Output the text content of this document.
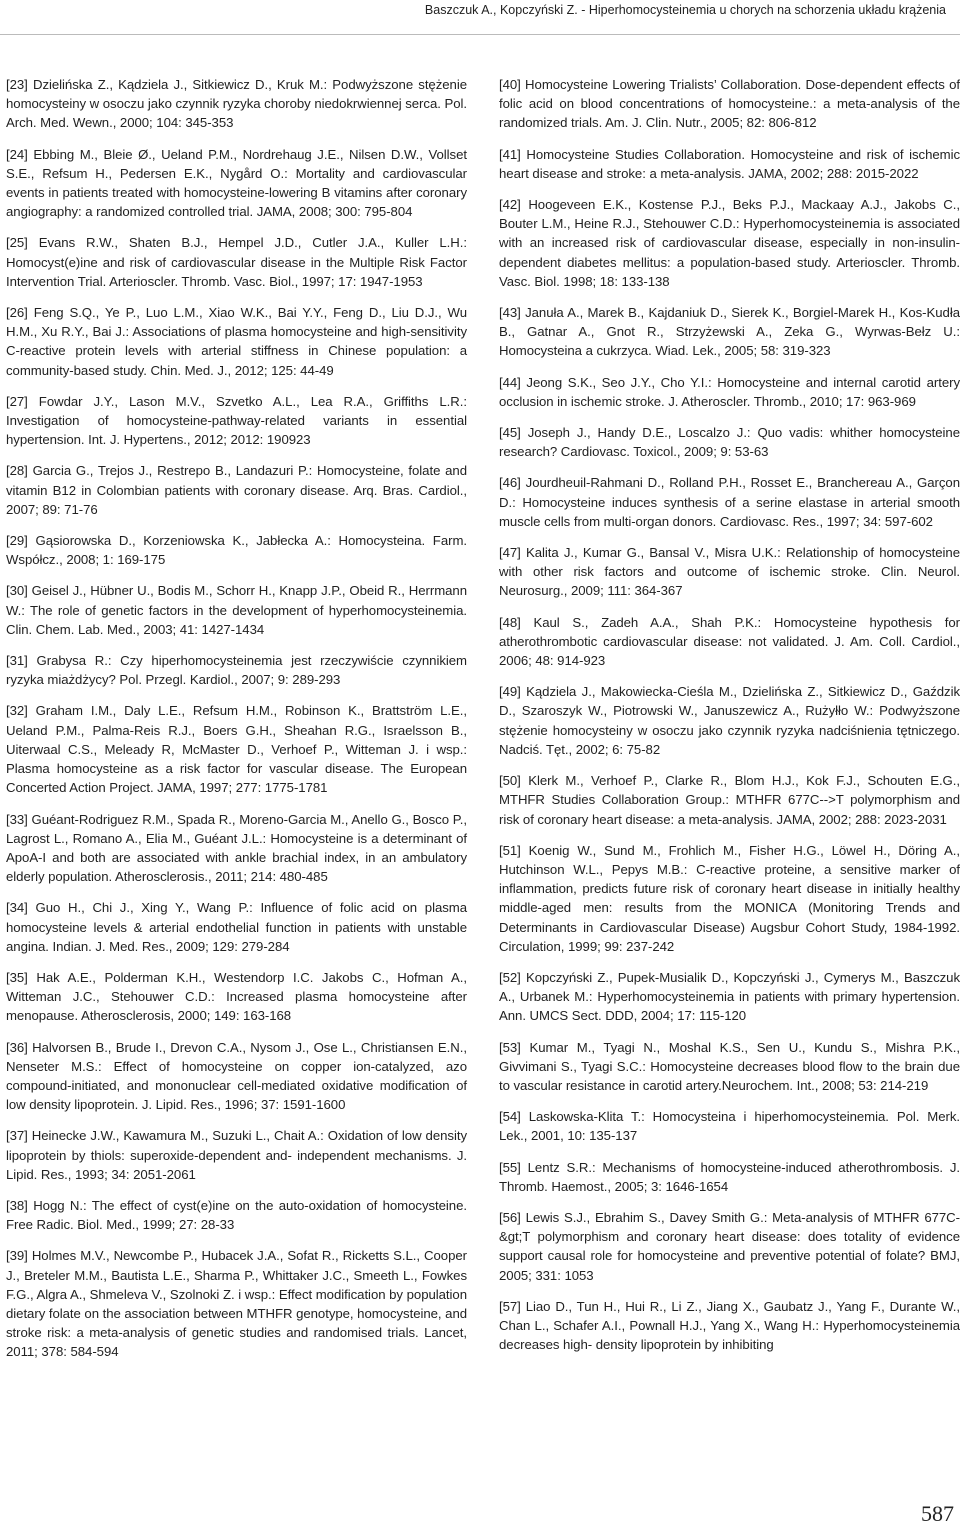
Baszczuk A., Kopczyński Z. - Hiperhomocysteinemia u chorych na schorzenia układu krążenia

[23] Dzielińska Z., Kądziela J., Sitkiewicz D., Kruk M.: Podwyższone stężenie homocysteiny w osoczu jako czynnik ryzyka choroby niedokrwiennej serca. Pol. Arch. Med. Wewn., 2000; 104: 345-353

[24] Ebbing M., Bleie Ø., Ueland P.M., Nordrehaug J.E., Nilsen D.W., Vollset S.E., Refsum H., Pedersen E.K., Nygård O.: Mortality and cardiovascular events in patients treated with homocysteine-lowering B vitamins after coronary angiography: a randomized controlled trial. JAMA, 2008; 300: 795-804

[25] Evans R.W., Shaten B.J., Hempel J.D., Cutler J.A., Kuller L.H.: Homocyst(e)ine and risk of cardiovascular disease in the Multiple Risk Factor Intervention Trial. Arterioscler. Thromb. Vasc. Biol., 1997; 17: 1947-1953

[26] Feng S.Q., Ye P., Luo L.M., Xiao W.K., Bai Y.Y., Feng D., Liu D.J., Wu H.M., Xu R.Y., Bai J.: Associations of plasma homocysteine and high-sensitivity C-reactive protein levels with arterial stiffness in Chinese population: a community-based study. Chin. Med. J., 2012; 125: 44-49

[27] Fowdar J.Y., Lason M.V., Szvetko A.L., Lea R.A., Griffiths L.R.: Investigation of homocysteine-pathway-related variants in essential hypertension. Int. J. Hypertens., 2012; 2012: 190923

[28] Garcia G., Trejos J., Restrepo B., Landazuri P.: Homocysteine, folate and vitamin B12 in Colombian patients with coronary disease. Arq. Bras. Cardiol., 2007; 89: 71-76

[29] Gąsiorowska D., Korzeniowska K., Jabłecka A.: Homocysteina. Farm. Współcz., 2008; 1: 169-175

[30] Geisel J., Hübner U., Bodis M., Schorr H., Knapp J.P., Obeid R., Herrmann W.: The role of genetic factors in the development of hyperhomocysteinemia. Clin. Chem. Lab. Med., 2003; 41: 1427-1434

[31] Grabysa R.: Czy hiperhomocysteinemia jest rzeczywiście czynnikiem ryzyka miażdżycy? Pol. Przegl. Kardiol., 2007; 9: 289-293

[32] Graham I.M., Daly L.E., Refsum H.M., Robinson K., Brattström L.E., Ueland P.M., Palma-Reis R.J., Boers G.H., Sheahan R.G., Israelsson B., Uiterwaal C.S., Meleady R, McMaster D., Verhoef P., Witteman J. i wsp.: Plasma homocysteine as a risk factor for vascular disease. The European Concerted Action Project. JAMA, 1997; 277: 1775-1781

[33] Guéant-Rodriguez R.M., Spada R., Moreno-Garcia M., Anello G., Bosco P., Lagrost L., Romano A., Elia M., Guéant J.L.: Homocysteine is a determinant of ApoA-I and both are associated with ankle brachial index, in an ambulatory elderly population. Atherosclerosis., 2011; 214: 480-485

[34] Guo H., Chi J., Xing Y., Wang P.: Influence of folic acid on plasma homocysteine levels & arterial endothelial function in patients with unstable angina. Indian. J. Med. Res., 2009; 129: 279-284

[35] Hak A.E., Polderman K.H., Westendorp I.C. Jakobs C., Hofman A., Witteman J.C., Stehouwer C.D.: Increased plasma homocysteine after menopause. Atherosclerosis, 2000; 149: 163-168

[36] Halvorsen B., Brude I., Drevon C.A., Nysom J., Ose L., Christiansen E.N., Nenseter M.S.: Effect of homocysteine on copper ion-catalyzed, azo compound-initiated, and mononuclear cell-mediated oxidative modification of low density lipoprotein. J. Lipid. Res., 1996; 37: 1591-1600

[37] Heinecke J.W., Kawamura M., Suzuki L., Chait A.: Oxidation of low density lipoprotein by thiols: superoxide-dependent and- independent mechanisms. J. Lipid. Res., 1993; 34: 2051-2061

[38] Hogg N.: The effect of cyst(e)ine on the auto-oxidation of homocysteine. Free Radic. Biol. Med., 1999; 27: 28-33

[39] Holmes M.V., Newcombe P., Hubacek J.A., Sofat R., Ricketts S.L., Cooper J., Breteler M.M., Bautista L.E., Sharma P., Whittaker J.C., Smeeth L., Fowkes F.G., Algra A., Shmeleva V., Szolnoki Z. i wsp.: Effect modification by population dietary folate on the association between MTHFR genotype, homocysteine, and stroke risk: a meta-analysis of genetic studies and randomised trials. Lancet, 2011; 378: 584-594

[40] Homocysteine Lowering Trialists’ Collaboration. Dose-dependent effects of folic acid on blood concentrations of homocysteine.: a meta-analysis of the randomized trials. Am. J. Clin. Nutr., 2005; 82: 806-812

[41] Homocysteine Studies Collaboration. Homocysteine and risk of ischemic heart disease and stroke: a meta-analysis. JAMA, 2002; 288: 2015-2022

[42] Hoogeveen E.K., Kostense P.J., Beks P.J., Mackaay A.J., Jakobs C., Bouter L.M., Heine R.J., Stehouwer C.D.: Hyperhomocysteinemia is associated with an increased risk of cardiovascular disease, especially in non-insulin-dependent diabetes mellitus: a population-based study. Arterioscler. Thromb. Vasc. Biol. 1998; 18: 133-138

[43] Januła A., Marek B., Kajdaniuk D., Sierek K., Borgiel-Marek H., Kos-Kudła B., Gatnar A., Gnot R., Strzyżewski A., Zeka G., Wyrwas-Bełz U.: Homocysteina a cukrzyca. Wiad. Lek., 2005; 58: 319-323

[44] Jeong S.K., Seo J.Y., Cho Y.I.: Homocysteine and internal carotid artery occlusion in ischemic stroke. J. Atheroscler. Thromb., 2010; 17: 963-969

[45] Joseph J., Handy D.E., Loscalzo J.: Quo vadis: whither homocysteine research? Cardiovasc. Toxicol., 2009; 9: 53-63

[46] Jourdheuil-Rahmani D., Rolland P.H., Rosset E., Branchereau A., Garçon D.: Homocysteine induces synthesis of a serine elastase in arterial smooth muscle cells from multi-organ donors. Cardiovasc. Res., 1997; 34: 597-602

[47] Kalita J., Kumar G., Bansal V., Misra U.K.: Relationship of homocysteine with other risk factors and outcome of ischemic stroke. Clin. Neurol. Neurosurg., 2009; 111: 364-367

[48] Kaul S., Zadeh A.A., Shah P.K.: Homocysteine hypothesis for atherothrombotic cardiovascular disease: not validated. J. Am. Coll. Cardiol., 2006; 48: 914-923

[49] Kądziela J., Makowiecka-Cieśla M., Dzielińska Z., Sitkiewicz D., Gaździk D., Szaroszyk W., Piotrowski W., Januszewicz A., Rużyłło W.: Podwyższone stężenie homocysteiny w osoczu jako czynnik ryzyka nadciśnienia tętniczego. Nadciś. Tęt., 2002; 6: 75-82

[50] Klerk M., Verhoef P., Clarke R., Blom H.J., Kok F.J., Schouten E.G., MTHFR Studies Collaboration Group.: MTHFR 677C-->T polymorphism and risk of coronary heart disease: a meta-analysis. JAMA, 2002; 288: 2023-2031

[51] Koenig W., Sund M., Frohlich M., Fisher H.G., Löwel H., Döring A., Hutchinson W.L., Pepys M.B.: C-reactive proteine, a sensitive marker of inflammation, predicts future risk of coronary heart disease in initially healthy middle-aged men: results from the MONICA (Monitoring Trends and Determinants in Cardiovascular Disease) Augsbur Cohort Study, 1984-1992. Circulation, 1999; 99: 237-242

[52] Kopczyński Z., Pupek-Musialik D., Kopczyński J., Cymerys M., Baszczuk A., Urbanek M.: Hyperhomocysteinemia in patients with primary hypertension. Ann. UMCS Sect. DDD, 2004; 17: 115-120

[53] Kumar M., Tyagi N., Moshal K.S., Sen U., Kundu S., Mishra P.K., Givvimani S., Tyagi S.C.: Homocysteine decreases blood flow to the brain due to vascular resistance in carotid artery.Neurochem. Int., 2008; 53: 214-219

[54] Laskowska-Klita T.: Homocysteina i hiperhomocysteinemia. Pol. Merk. Lek., 2001, 10: 135-137

[55] Lentz S.R.: Mechanisms of homocysteine-induced atherothrombosis. J. Thromb. Haemost., 2005; 3: 1646-1654

[56] Lewis S.J., Ebrahim S., Davey Smith G.: Meta-analysis of MTHFR 677C-&gt;T polymorphism and coronary heart disease: does totality of evidence support causal role for homocysteine and preventive potential of folate? BMJ, 2005; 331: 1053

[57] Liao D., Tun H., Hui R., Li Z., Jiang X., Gaubatz J., Yang F., Durante W., Chan L., Schafer A.I., Pownall H.J., Yang X., Wang H.: Hyperhomocysteinemia decreases high- density lipoprotein by inhibiting

587
